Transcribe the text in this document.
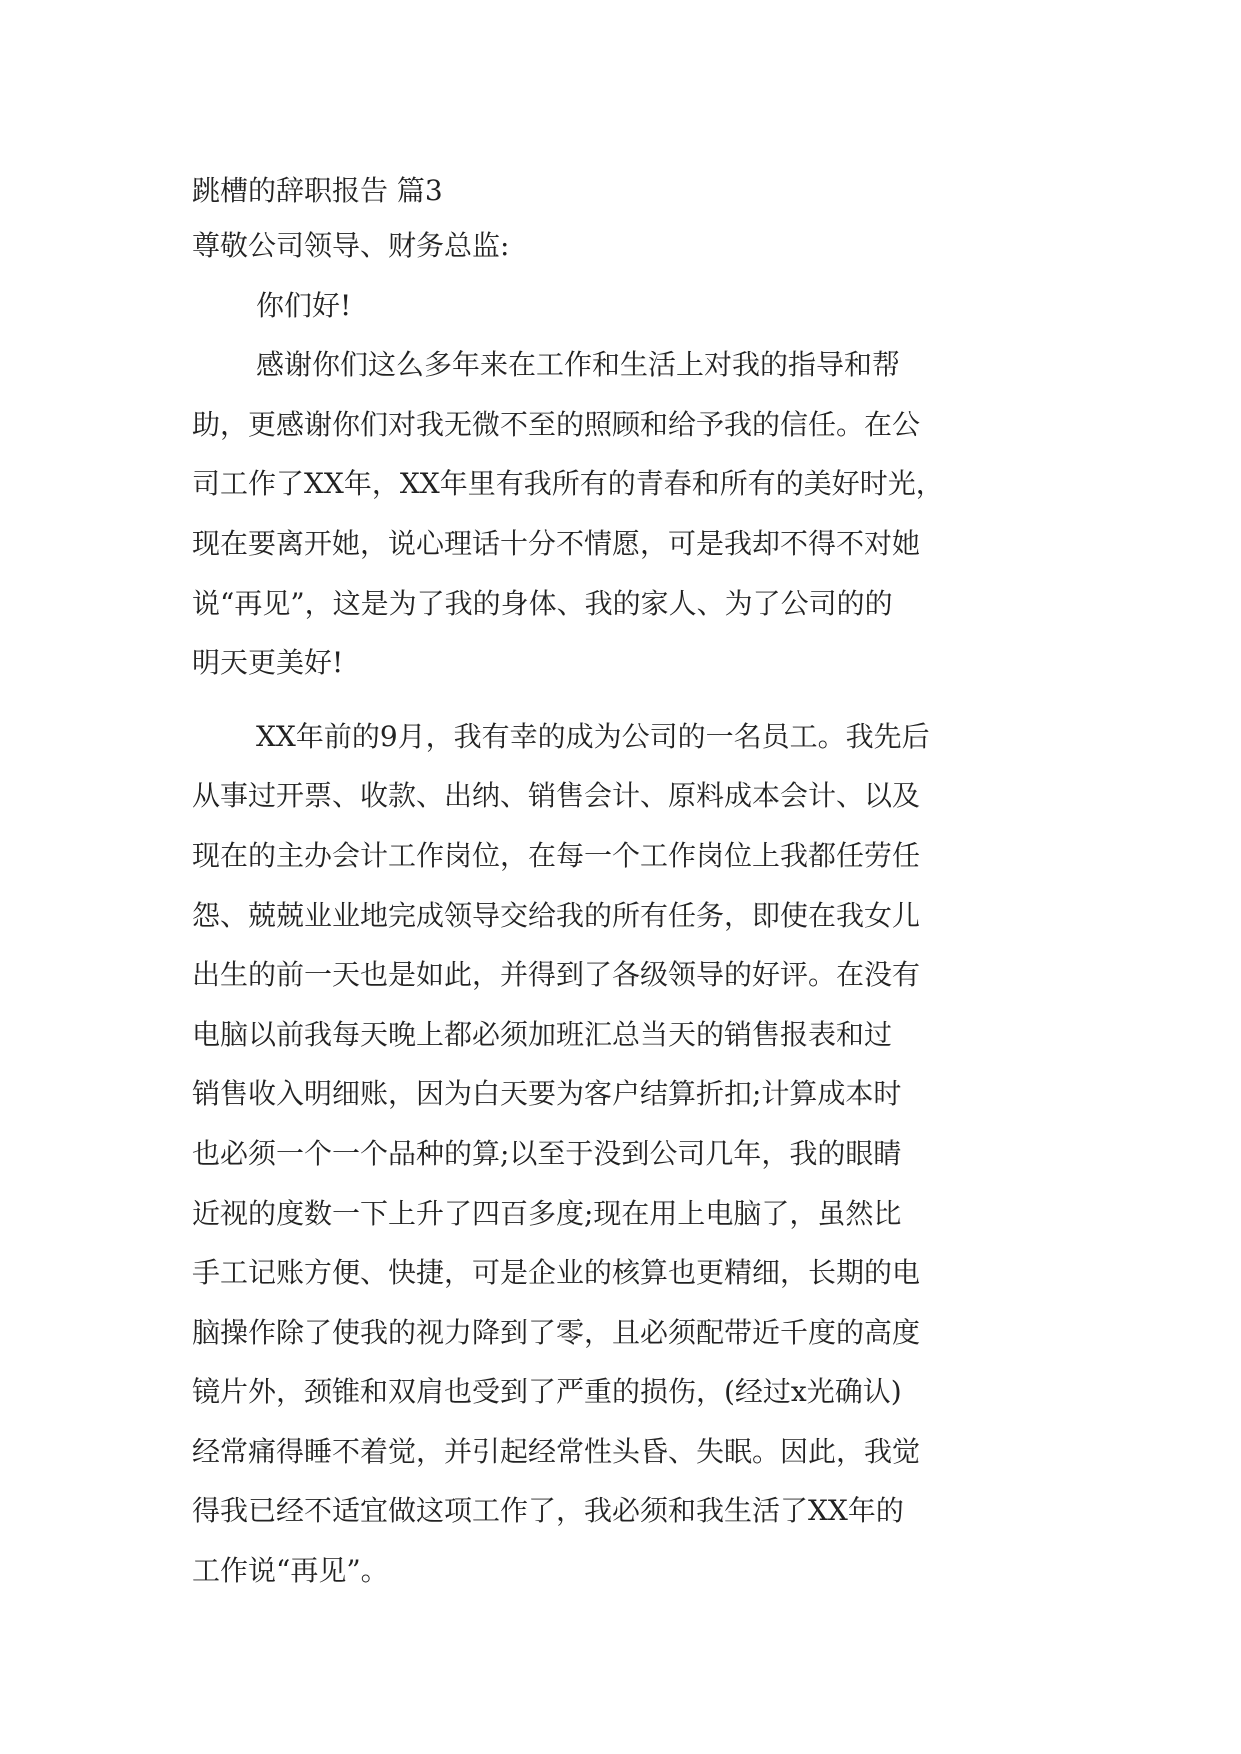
跳槽的辞职报告 篇3
尊敬公司领导、财务总监:
你们好!
感谢你们这么多年来在工作和生活上对我的指导和帮
助，更感谢你们对我无微不至的照顾和给予我的信任。在公
司工作了XX年，XX年里有我所有的青春和所有的美好时光，
现在要离开她，说心理话十分不情愿，可是我却不得不对她
说“再见”，这是为了我的身体、我的家人、为了公司的的
明天更美好!
XX年前的9月，我有幸的成为公司的一名员工。我先后
从事过开票、收款、出纳、销售会计、原料成本会计、以及
现在的主办会计工作岗位，在每一个工作岗位上我都任劳任
怨、兢兢业业地完成领导交给我的所有任务，即使在我女儿
出生的前一天也是如此，并得到了各级领导的好评。在没有
电脑以前我每天晚上都必须加班汇总当天的销售报表和过
销售收入明细账，因为白天要为客户结算折扣;计算成本时
也必须一个一个品种的算;以至于没到公司几年，我的眼睛
近视的度数一下上升了四百多度;现在用上电脑了，虽然比
手工记账方便、快捷，可是企业的核算也更精细，长期的电
脑操作除了使我的视力降到了零，且必须配带近千度的高度
镜片外，颈锥和双肩也受到了严重的损伤，(经过x光确认)
经常痛得睡不着觉，并引起经常性头昏、失眠。因此，我觉
得我已经不适宜做这项工作了，我必须和我生活了XX年的
工作说“再见”。
